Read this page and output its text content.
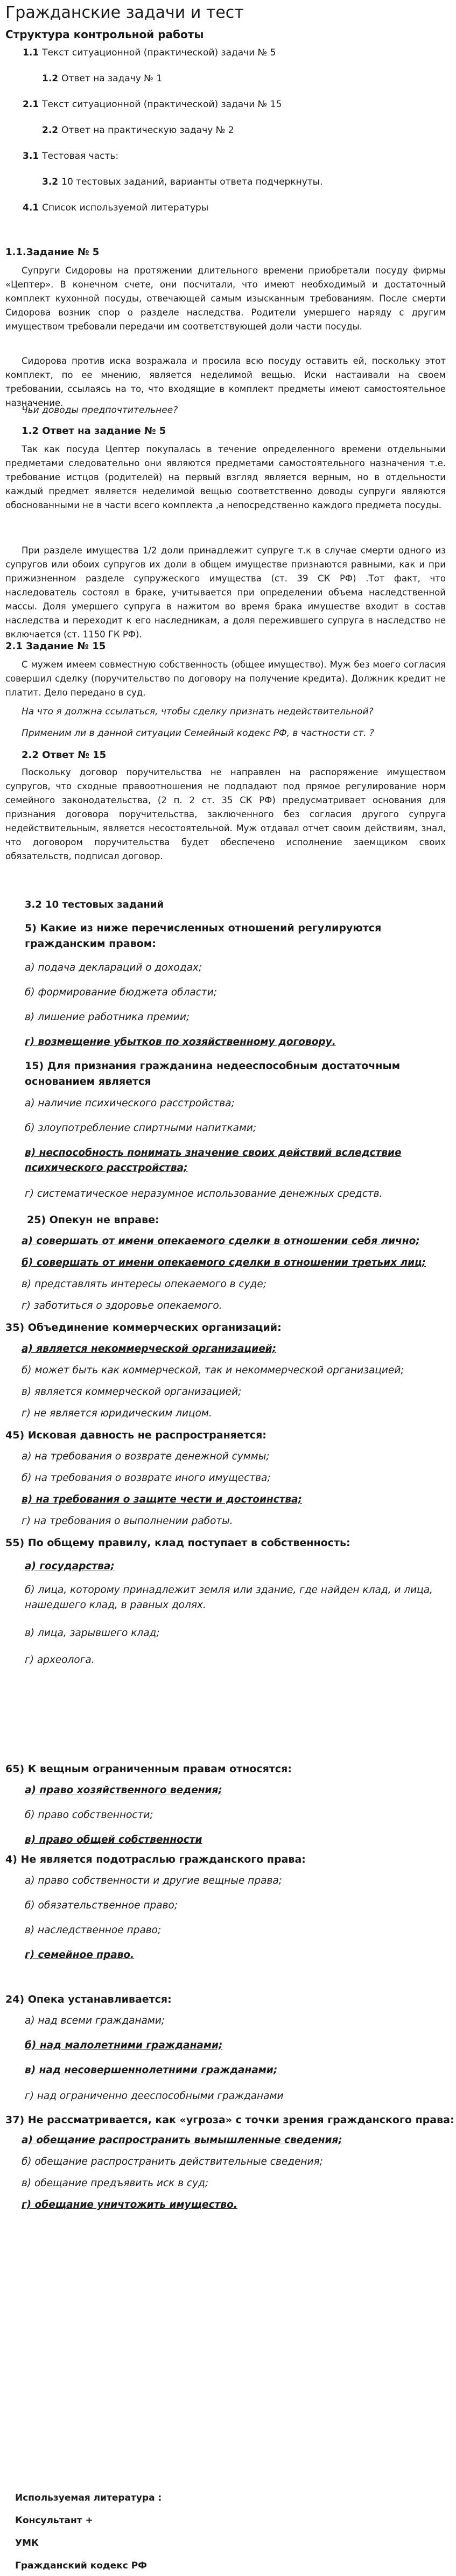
Гражданские задачи и тест
Структура контрольной работы
1.1 Текст ситуационной (практической) задачи № 5
1.2 Ответ на задачу № 1
2.1 Текст ситуационной (практической) задачи № 15
2.2 Ответ на практическую задачу № 2
3.1 Тестовая часть:
3.2 10 тестовых заданий, варианты ответа подчеркнуты.
4.1 Список используемой литературы
1.1.Задание № 5

Супруги Сидоровы на протяжении длительного времени приобретали посуду фирмы «Цептер». В конечном счете, они посчитали, что имеют необходимый и достаточный комплект кухонной посуды, отвечающей самым изысканным требованиям. После смерти Сидорова возник спор о разделе наследства. Родители умершего наряду с другим имуществом требовали передачи им соответствующей доли части посуды.

Сидорова против иска возражала и просила всю посуду оставить ей, поскольку этот комплект, по ее мнению, является неделимой вещью. Иски настаивали на своем требовании, ссылаясь на то, что входящие в комплект предметы имеют самостоятельное назначение.

Чьи доводы предпочтительнее?

1.2 Ответ на задание № 5

Так как посуда Цептер покупалась в течение определенного времени отдельными предметами следовательно они являются предметами самостоятельного назначения т.е. требование истцов (родителей) на первый взгляд является верным, но в отдельности каждый предмет является неделимой вещью соответственно доводы супруги являются обоснованными не в части всего комплекта ,а непосредственно каждого предмета посуды.

При разделе имущества 1/2 доли принадлежит супруге т.к в случае смерти одного из супругов или обоих супругов их доли в общем имуществе признаются равными, как и при прижизненном разделе супружеского имущества (ст. 39 СК РФ) .Тот факт, что наследователь состоял в браке, учитывается при определении объема наследственной массы. Доля умершего супруга в нажитом во время брака имуществе входит в состав наследства и переходит к его наследникам, а доля пережившего супруга в наследство не включается (ст. 1150 ГК РФ).

2.1 Задание № 15

С мужем имеем совместную собственность (общее имущество). Муж без моего согласия совершил сделку (поручительство по договору на получение кредита). Должник кредит не платит. Дело передано в суд.

На что я должна ссылаться, чтобы сделку признать недействительной?

Применим ли в данной ситуации Семейный кодекс РФ, в частности ст. ?

2.2 Ответ № 15

Поскольку договор поручительства не направлен на распоряжение имуществом супругов, что сходные правоотношения не подпадают под прямое регулирование норм семейного законодательства, (2 п. 2 ст. 35 СК РФ) предусматривает основания для признания договора поручительства, заключенного без согласия другого супруга недействительным, является несостоятельной. Муж отдавал отчет своим действиям, знал, что договором поручительства будет обеспечено исполнение заемщиком своих обязательств, подписал договор.

3.2 10 тестовых заданий

5) Какие из ниже перечисленных отношений регулируются гражданским правом:

а) подача деклараций о доходах;

б) формирование бюджета области;

в) лишение работника премии;

г) возмещение убытков по хозяйственному договору.

15) Для признания гражданина недееспособным достаточным основанием является

а) наличие психического расстройства;

б) злоупотребление спиртными напитками;

в) неспособность понимать значение своих действий вследствие психического расстройства;

г) систематическое неразумное использование денежных средств.

25) Опекун не вправе:

а) совершать от имени опекаемого сделки в отношении себя лично;

б) совершать от имени опекаемого сделки в отношении третьих лиц;

в) представлять интересы опекаемого в суде;

г) заботиться о здоровье опекаемого.

35) Объединение коммерческих организаций:

а) является некоммерческой организацией;

б) может быть как коммерческой, так и некоммерческой организацией;

в) является коммерческой организацией;

г) не является юридическим лицом.

45) Исковая давность не распространяется:

а) на требования о возврате денежной суммы;

б) на требования о возврате иного имущества;

в) на требования о защите чести и достоинства;

г) на требования о выполнении работы.

55) По общему правилу, клад поступает в собственность:

а) государства;

б) лица, которому принадлежит земля или здание, где найден клад, и лица, нашедшего клад, в равных долях.

в) лица, зарывшего клад;

г) археолога.

65) К вещным ограниченным правам относятся:

а) право хозяйственного ведения;

б) право собственности;

в) право общей собственности

4) Не является подотраслью гражданского права:

а) право собственности и другие вещные права;

б) обязательственное право;

в) наследственное право;

г) семейное право.

24) Опека устанавливается:

а) над всеми гражданами;

б) над малолетними гражданами;

в) над несовершеннолетними гражданами;

г) над ограниченно дееспособными гражданами

37) Не рассматривается, как «угроза» с точки зрения гражданского права:

а) обещание распространить вымышленные сведения;

б) обещание распространить действительные сведения;

в) обещание предъявить иск в суд;

г) обещание уничтожить имущество.

Используемая литература :

Консультант +

УМК

Гражданский кодекс РФ
